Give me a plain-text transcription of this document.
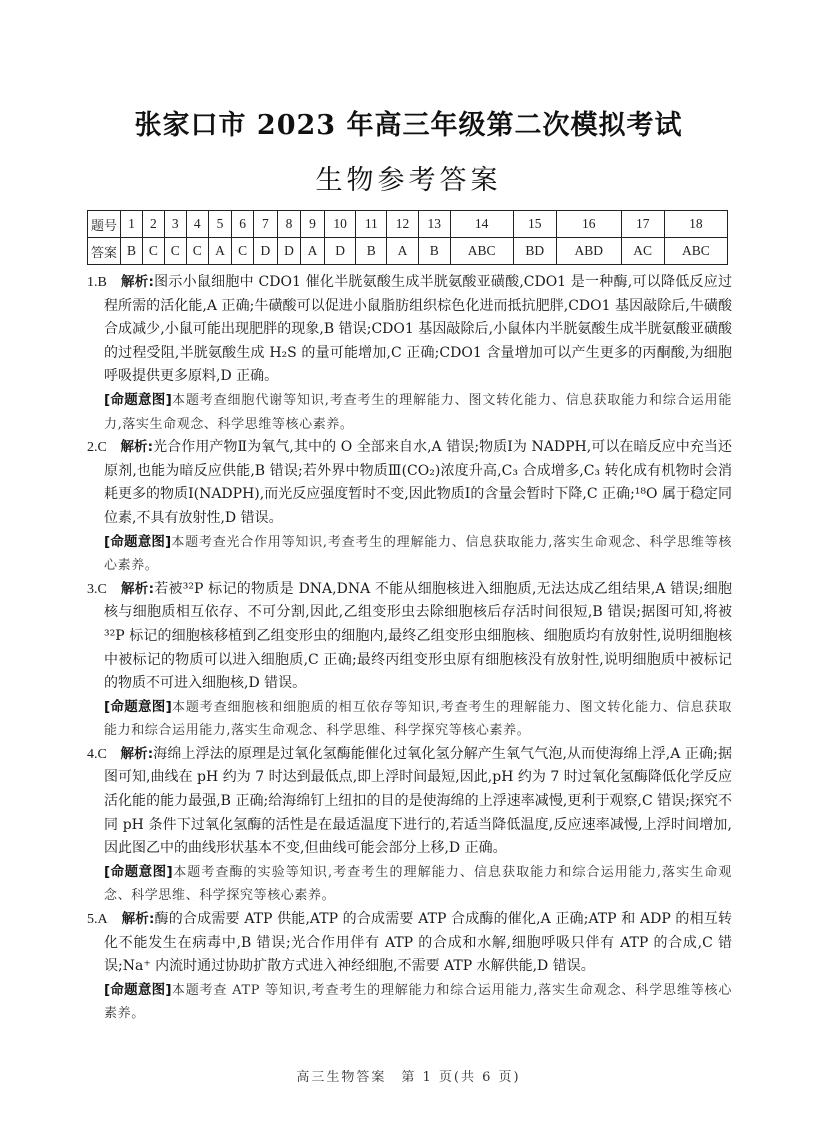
张家口市 2023 年高三年级第二次模拟考试
生物参考答案
题号	1	2	3	4	5	6	7	8	9	10	11	12	13	14	15	16	17	18
答案	B	C	C	C	A	C	D	D	A	D	B	A	B	ABC	BD	ABD	AC	ABC
1.B 解析:图示小鼠细胞中 CDO1 催化半胱氨酸生成半胱氨酸亚磺酸,CDO1 是一种酶,可以降低反应过程所需的活化能,A 正确;牛磺酸可以促进小鼠脂肪组织棕色化进而抵抗肥胖,CDO1 基因敲除后,牛磺酸合成减少,小鼠可能出现肥胖的现象,B 错误;CDO1 基因敲除后,小鼠体内半胱氨酸生成半胱氨酸亚磺酸的过程受阻,半胱氨酸生成 H₂S 的量可能增加,C 正确;CDO1 含量增加可以产生更多的丙酮酸,为细胞呼吸提供更多原料,D 正确。
[命题意图]本题考查细胞代谢等知识,考查考生的理解能力、图文转化能力、信息获取能力和综合运用能力,落实生命观念、科学思维等核心素养。
2.C 解析:光合作用产物Ⅱ为氧气,其中的 O 全部来自水,A 错误;物质Ⅰ为 NADPH,可以在暗反应中充当还原剂,也能为暗反应供能,B 错误;若外界中物质Ⅲ(CO₂)浓度升高,C₃ 合成增多,C₃ 转化成有机物时会消耗更多的物质Ⅰ(NADPH),而光反应强度暂时不变,因此物质Ⅰ的含量会暂时下降,C 正确;¹⁸O 属于稳定同位素,不具有放射性,D 错误。
[命题意图]本题考查光合作用等知识,考查考生的理解能力、信息获取能力,落实生命观念、科学思维等核心素养。
3.C 解析:若被³²P 标记的物质是 DNA,DNA 不能从细胞核进入细胞质,无法达成乙组结果,A 错误;细胞核与细胞质相互依存、不可分割,因此,乙组变形虫去除细胞核后存活时间很短,B 错误;据图可知,将被³²P 标记的细胞核移植到乙组变形虫的细胞内,最终乙组变形虫细胞核、细胞质均有放射性,说明细胞核中被标记的物质可以进入细胞质,C 正确;最终丙组变形虫原有细胞核没有放射性,说明细胞质中被标记的物质不可进入细胞核,D 错误。
[命题意图]本题考查细胞核和细胞质的相互依存等知识,考查考生的理解能力、图文转化能力、信息获取能力和综合运用能力,落实生命观念、科学思维、科学探究等核心素养。
4.C 解析:海绵上浮法的原理是过氧化氢酶能催化过氧化氢分解产生氧气气泡,从而使海绵上浮,A 正确;据图可知,曲线在 pH 约为 7 时达到最低点,即上浮时间最短,因此,pH 约为 7 时过氧化氢酶降低化学反应活化能的能力最强,B 正确;给海绵钉上纽扣的目的是使海绵的上浮速率减慢,更利于观察,C 错误;探究不同 pH 条件下过氧化氢酶的活性是在最适温度下进行的,若适当降低温度,反应速率减慢,上浮时间增加,因此图乙中的曲线形状基本不变,但曲线可能会部分上移,D 正确。
[命题意图]本题考查酶的实验等知识,考查考生的理解能力、信息获取能力和综合运用能力,落实生命观念、科学思维、科学探究等核心素养。
5.A 解析:酶的合成需要 ATP 供能,ATP 的合成需要 ATP 合成酶的催化,A 正确;ATP 和 ADP 的相互转化不能发生在病毒中,B 错误;光合作用伴有 ATP 的合成和水解,细胞呼吸只伴有 ATP 的合成,C 错误;Na⁺ 内流时通过协助扩散方式进入神经细胞,不需要 ATP 水解供能,D 错误。
[命题意图]本题考查 ATP 等知识,考查考生的理解能力和综合运用能力,落实生命观念、科学思维等核心素养。
高三生物答案　第 1 页(共 6 页)
